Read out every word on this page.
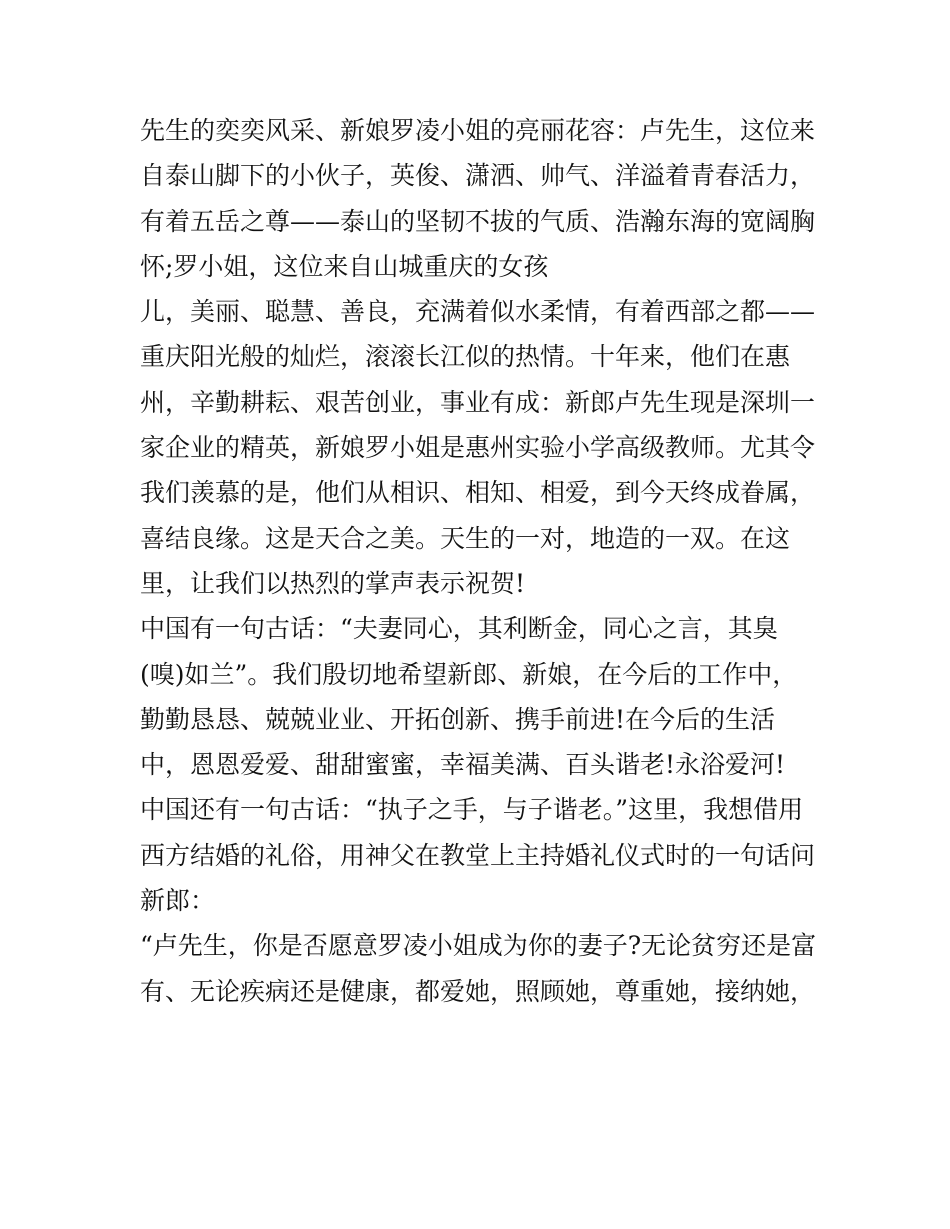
先生的奕奕风采、新娘罗凌小姐的亮丽花容：卢先生，这位来
自泰山脚下的小伙子，英俊、潇洒、帅气、洋溢着青春活力，
有着五岳之尊——泰山的坚韧不拔的气质、浩瀚东海的宽阔胸
怀;罗小姐，这位来自山城重庆的女孩
儿，美丽、聪慧、善良，充满着似水柔情，有着西部之都——
重庆阳光般的灿烂，滚滚长江似的热情。十年来，他们在惠
州，辛勤耕耘、艰苦创业，事业有成：新郎卢先生现是深圳一
家企业的精英，新娘罗小姐是惠州实验小学高级教师。尤其令
我们羡慕的是，他们从相识、相知、相爱，到今天终成眷属，
喜结良缘。这是天合之美。天生的一对，地造的一双。在这
里，让我们以热烈的掌声表示祝贺!
中国有一句古话：“夫妻同心，其利断金，同心之言，其臭
(嗅)如兰”。我们殷切地希望新郎、新娘，在今后的工作中，
勤勤恳恳、兢兢业业、开拓创新、携手前进!在今后的生活
中，恩恩爱爱、甜甜蜜蜜，幸福美满、百头谐老!永浴爱河!
中国还有一句古话：“执子之手，与子谐老。”这里，我想借用
西方结婚的礼俗，用神父在教堂上主持婚礼仪式时的一句话问
新郎：
“卢先生，你是否愿意罗凌小姐成为你的妻子?无论贫穷还是富
有、无论疾病还是健康，都爱她，照顾她，尊重她，接纳她，
